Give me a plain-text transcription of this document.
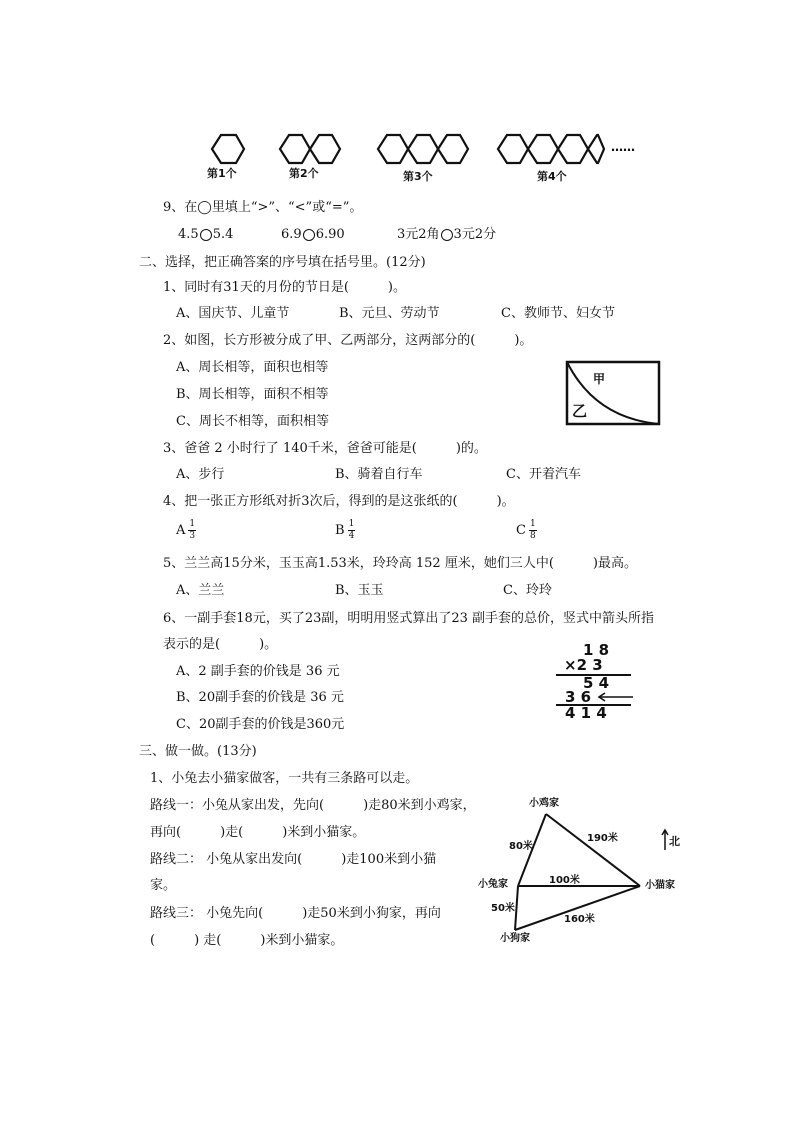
第1个	第2个	第3个	第4个
……
9、在◯里填上“>”、“<”或“=”。
4.5 5.4	6.9 6.90	3元2角 3元2分
二、选择，把正确答案的序号填在括号里。(12分)
1、同时有31天的月份的节日是(　　　)。
A、国庆节、儿童节	B、元旦、劳动节	C、教师节、妇女节
2、如图，长方形被分成了甲、乙两部分，这两部分的(　　　)。
A、周长相等，面积也相等
B、周长相等，面积不相等
C、周长不相等，面积相等
甲
乙
3、爸爸 2 小时行了 140千米，爸爸可能是(　　　)的。
A、步行	B、骑着自行车	C、开着汽车
4、把一张正方形纸对折3次后，得到的是这张纸的(　　　)。
A $\frac{1}{3}$	B $\frac{1}{4}$	C $\frac{1}{8}$
5、兰兰高15分米，玉玉高1.53米，玲玲高 152 厘米，她们三人中(　　　)最高。
A、兰兰	B、玉玉	C、玲玲
6、一副手套18元，买了23副，明明用竖式算出了23 副手套的总价，竖式中箭头所指
表示的是(　　　)。
A、2 副手套的价钱是 36 元
B、20副手套的价钱是 36 元
C、20副手套的价钱是360元
1 8
×2 3
5 4
3 6
4 1 4
三、做一做。(13分)
1、小兔去小猫家做客，一共有三条路可以走。
路线一：小兔从家出发，先向(　　　)走80米到小鸡家，
再向(　　　)走(　　　)米到小猫家。
路线二： 小兔从家出发向(　　　)走100米到小猫
家。
路线三： 小兔先向(　　　)走50米到小狗家，再向
(　　　) 走(　　　)米到小猫家。
小鸡家
小兔家	小猫家
小狗家
80米
190米
100米
50米
160米
北
